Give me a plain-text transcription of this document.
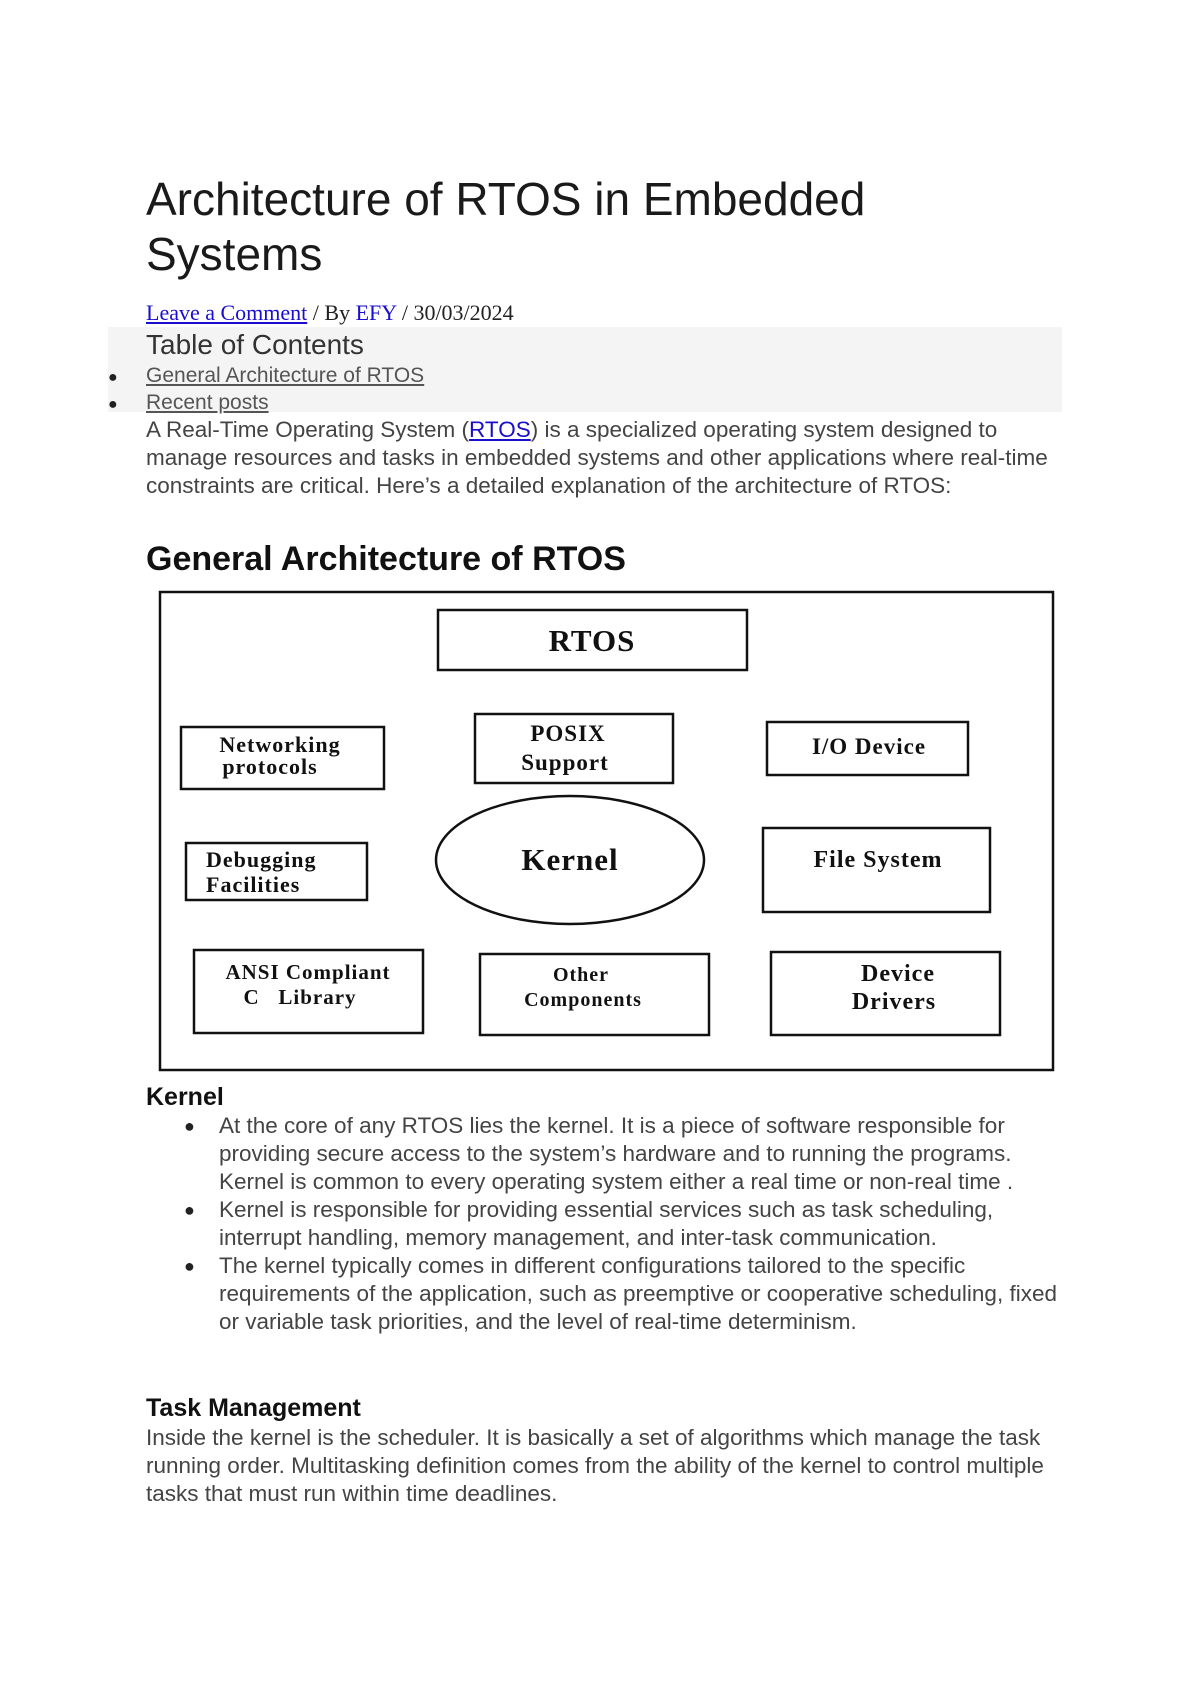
Architecture of RTOS in Embedded Systems
Leave a Comment / By EFY / 30/03/2024
Table of Contents
● General Architecture of RTOS
● Recent posts

A Real-Time Operating System (RTOS) is a specialized operating system designed to manage resources and tasks in embedded systems and other applications where real-time constraints are critical. Here’s a detailed explanation of the architecture of RTOS:

General Architecture of RTOS
RTOS
Networking
protocols
POSIX
Support
I/O Device
Debugging
Facilities
Kernel	File System
ANSI Compliant
C   Library
Other
Components
Device
Drivers
Kernel
● At the core of any RTOS lies the kernel. It is a piece of software responsible for providing secure access to the system’s hardware and to running the programs. Kernel is common to every operating system either a real time or non-real time .
● Kernel is responsible for providing essential services such as task scheduling, interrupt handling, memory management, and inter-task communication.
● The kernel typically comes in different configurations tailored to the specific requirements of the application, such as preemptive or cooperative scheduling, fixed or variable task priorities, and the level of real-time determinism.
Task Management

Inside the kernel is the scheduler. It is basically a set of algorithms which manage the task running order. Multitasking definition comes from the ability of the kernel to control multiple tasks that must run within time deadlines.
